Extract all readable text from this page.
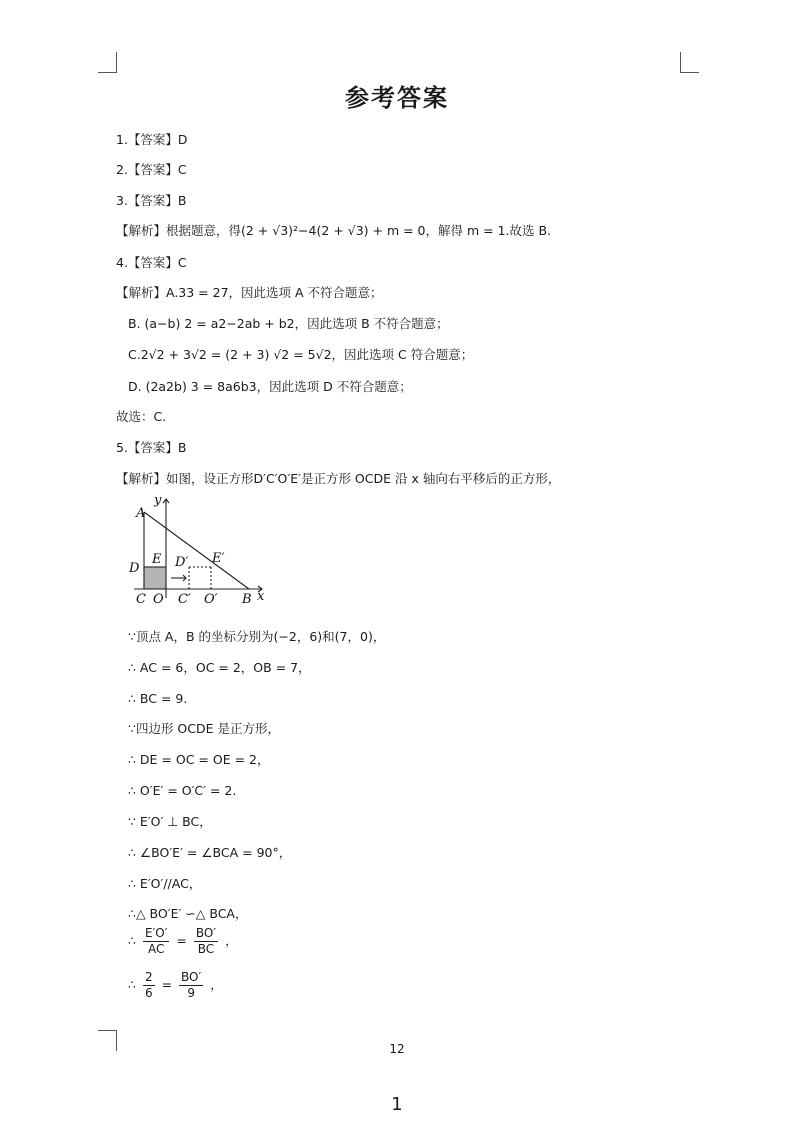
参考答案
1.【答案】D
2.【答案】C
3.【答案】B
【解析】根据题意，得(2 + √3)²−4(2 + √3) + m = 0，解得 m = 1.故选 B.
4.【答案】C
【解析】A.33 = 27，因此选项 A 不符合题意；
B. (a−b) 2 = a2−2ab + b2，因此选项 B 不符合题意；
C.2√2 + 3√2 = (2 + 3) √2 = 5√2，因此选项 C 符合题意；
D. (2a2b) 3 = 8a6b3，因此选项 D 不符合题意；
故选：C.
5.【答案】B
【解析】如图，设正方形D′C′O′E′是正方形 OCDE 沿 x 轴向右平移后的正方形，
A
y
E D′ E′
D
C O C′ O′ B x
∵顶点 A，B 的坐标分别为(−2，6)和(7，0)，
∴ AC = 6，OC = 2，OB = 7，
∴ BC = 9.
∵四边形 OCDE 是正方形，
∴ DE = OC = OE = 2，
∴ O′E′ = O′C′ = 2.
∵ E′O′ ⊥ BC，
∴ ∠BO′E′ = ∠BCA = 90°，
∴ E′O′//AC，
∴△ BO′E′ ∽△ BCA，
∴ $\frac{E'O'}{AC} = \frac{BO'}{BC}$ ，
∴ $\frac{2}{6} = \frac{BO'}{9}$ ，
12
1
